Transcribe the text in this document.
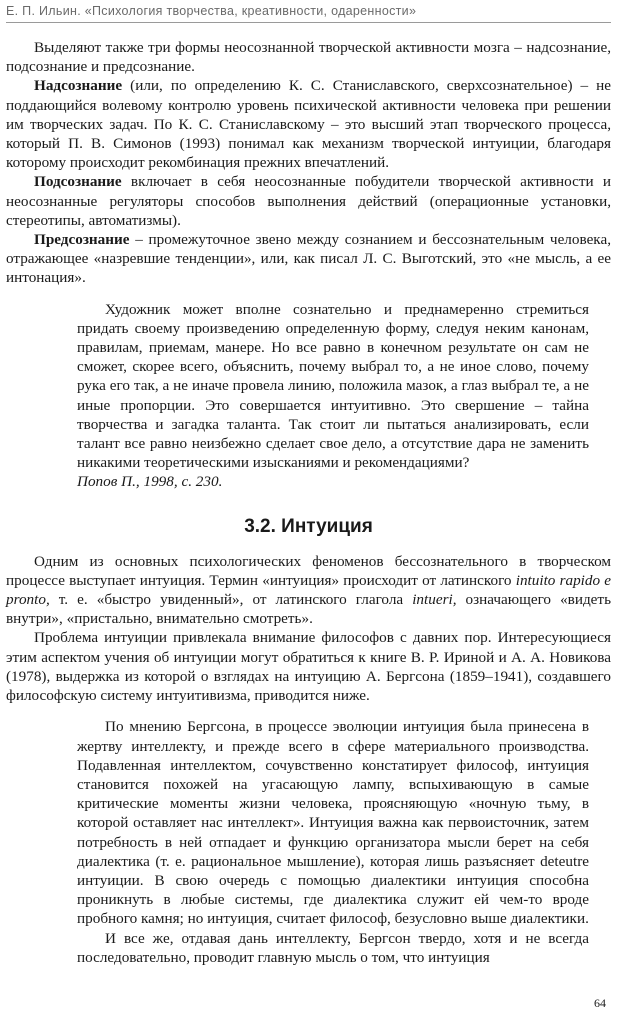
Е. П. Ильин. «Психология творчества, креативности, одаренности»

Выделяют также три формы неосознанной творческой активности мозга – надсознание, подсознание и предсознание.

Надсознание (или, по определению К. С. Станиславского, сверхсознательное) – не поддающийся волевому контролю уровень психической активности человека при решении им творческих задач. По К. С. Станиславскому – это высший этап творческого процесса, который П. В. Симонов (1993) понимал как механизм творческой интуиции, благодаря которому происходит рекомбинация прежних впечатлений.

Подсознание включает в себя неосознанные побудители творческой активности и неосознанные регуляторы способов выполнения действий (операционные установки, стереотипы, автоматизмы).

Предсознание – промежуточное звено между сознанием и бессознательным человека, отражающее «назревшие тенденции», или, как писал Л. С. Выготский, это «не мысль, а ее интонация».

Художник может вполне сознательно и преднамеренно стремиться придать своему произведению определенную форму, следуя неким канонам, правилам, приемам, манере. Но все равно в конечном результате он сам не сможет, скорее всего, объяснить, почему выбрал то, а не иное слово, почему рука его так, а не иначе провела линию, положила мазок, а глаз выбрал те, а не иные пропорции. Это совершается интуитивно. Это свершение – тайна творчества и загадка таланта. Так стоит ли пытаться анализировать, если талант все равно неизбежно сделает свое дело, а отсутствие дара не заменить никакими теоретическими изысканиями и рекомендациями?

Попов П., 1998, с. 230.
3.2. Интуиция

Одним из основных психологических феноменов бессознательного в творческом процессе выступает интуиция. Термин «интуиция» происходит от латинского intuito rapido e pronto, т. е. «быстро увиденный», от латинского глагола intueri, означающего «видеть внутри», «пристально, внимательно смотреть».

Проблема интуиции привлекала внимание философов с давних пор. Интересующиеся этим аспектом учения об интуиции могут обратиться к книге В. Р. Ириной и А. А. Новикова (1978), выдержка из которой о взглядах на интуицию А. Бергсона (1859–1941), создавшего философскую систему интуитивизма, приводится ниже.

По мнению Бергсона, в процессе эволюции интуиция была принесена в жертву интеллекту, и прежде всего в сфере материального производства. Подавленная интеллектом, сочувственно констатирует философ, интуиция становится похожей на угасающую лампу, вспыхивающую в самые критические моменты жизни человека, проясняющую «ночную тьму, в которой оставляет нас интеллект». Интуиция важна как первоисточник, затем потребность в ней отпадает и функцию организатора мысли берет на себя диалектика (т. е. рациональное мышление), которая лишь разъясняет deteutre интуиции. В свою очередь с помощью диалектики интуиция способна проникнуть в любые системы, где диалектика служит ей чем-то вроде пробного камня; но интуиция, считает философ, безусловно выше диалектики.

И все же, отдавая дань интеллекту, Бергсон твердо, хотя и не всегда последовательно, проводит главную мысль о том, что интуиция

64
